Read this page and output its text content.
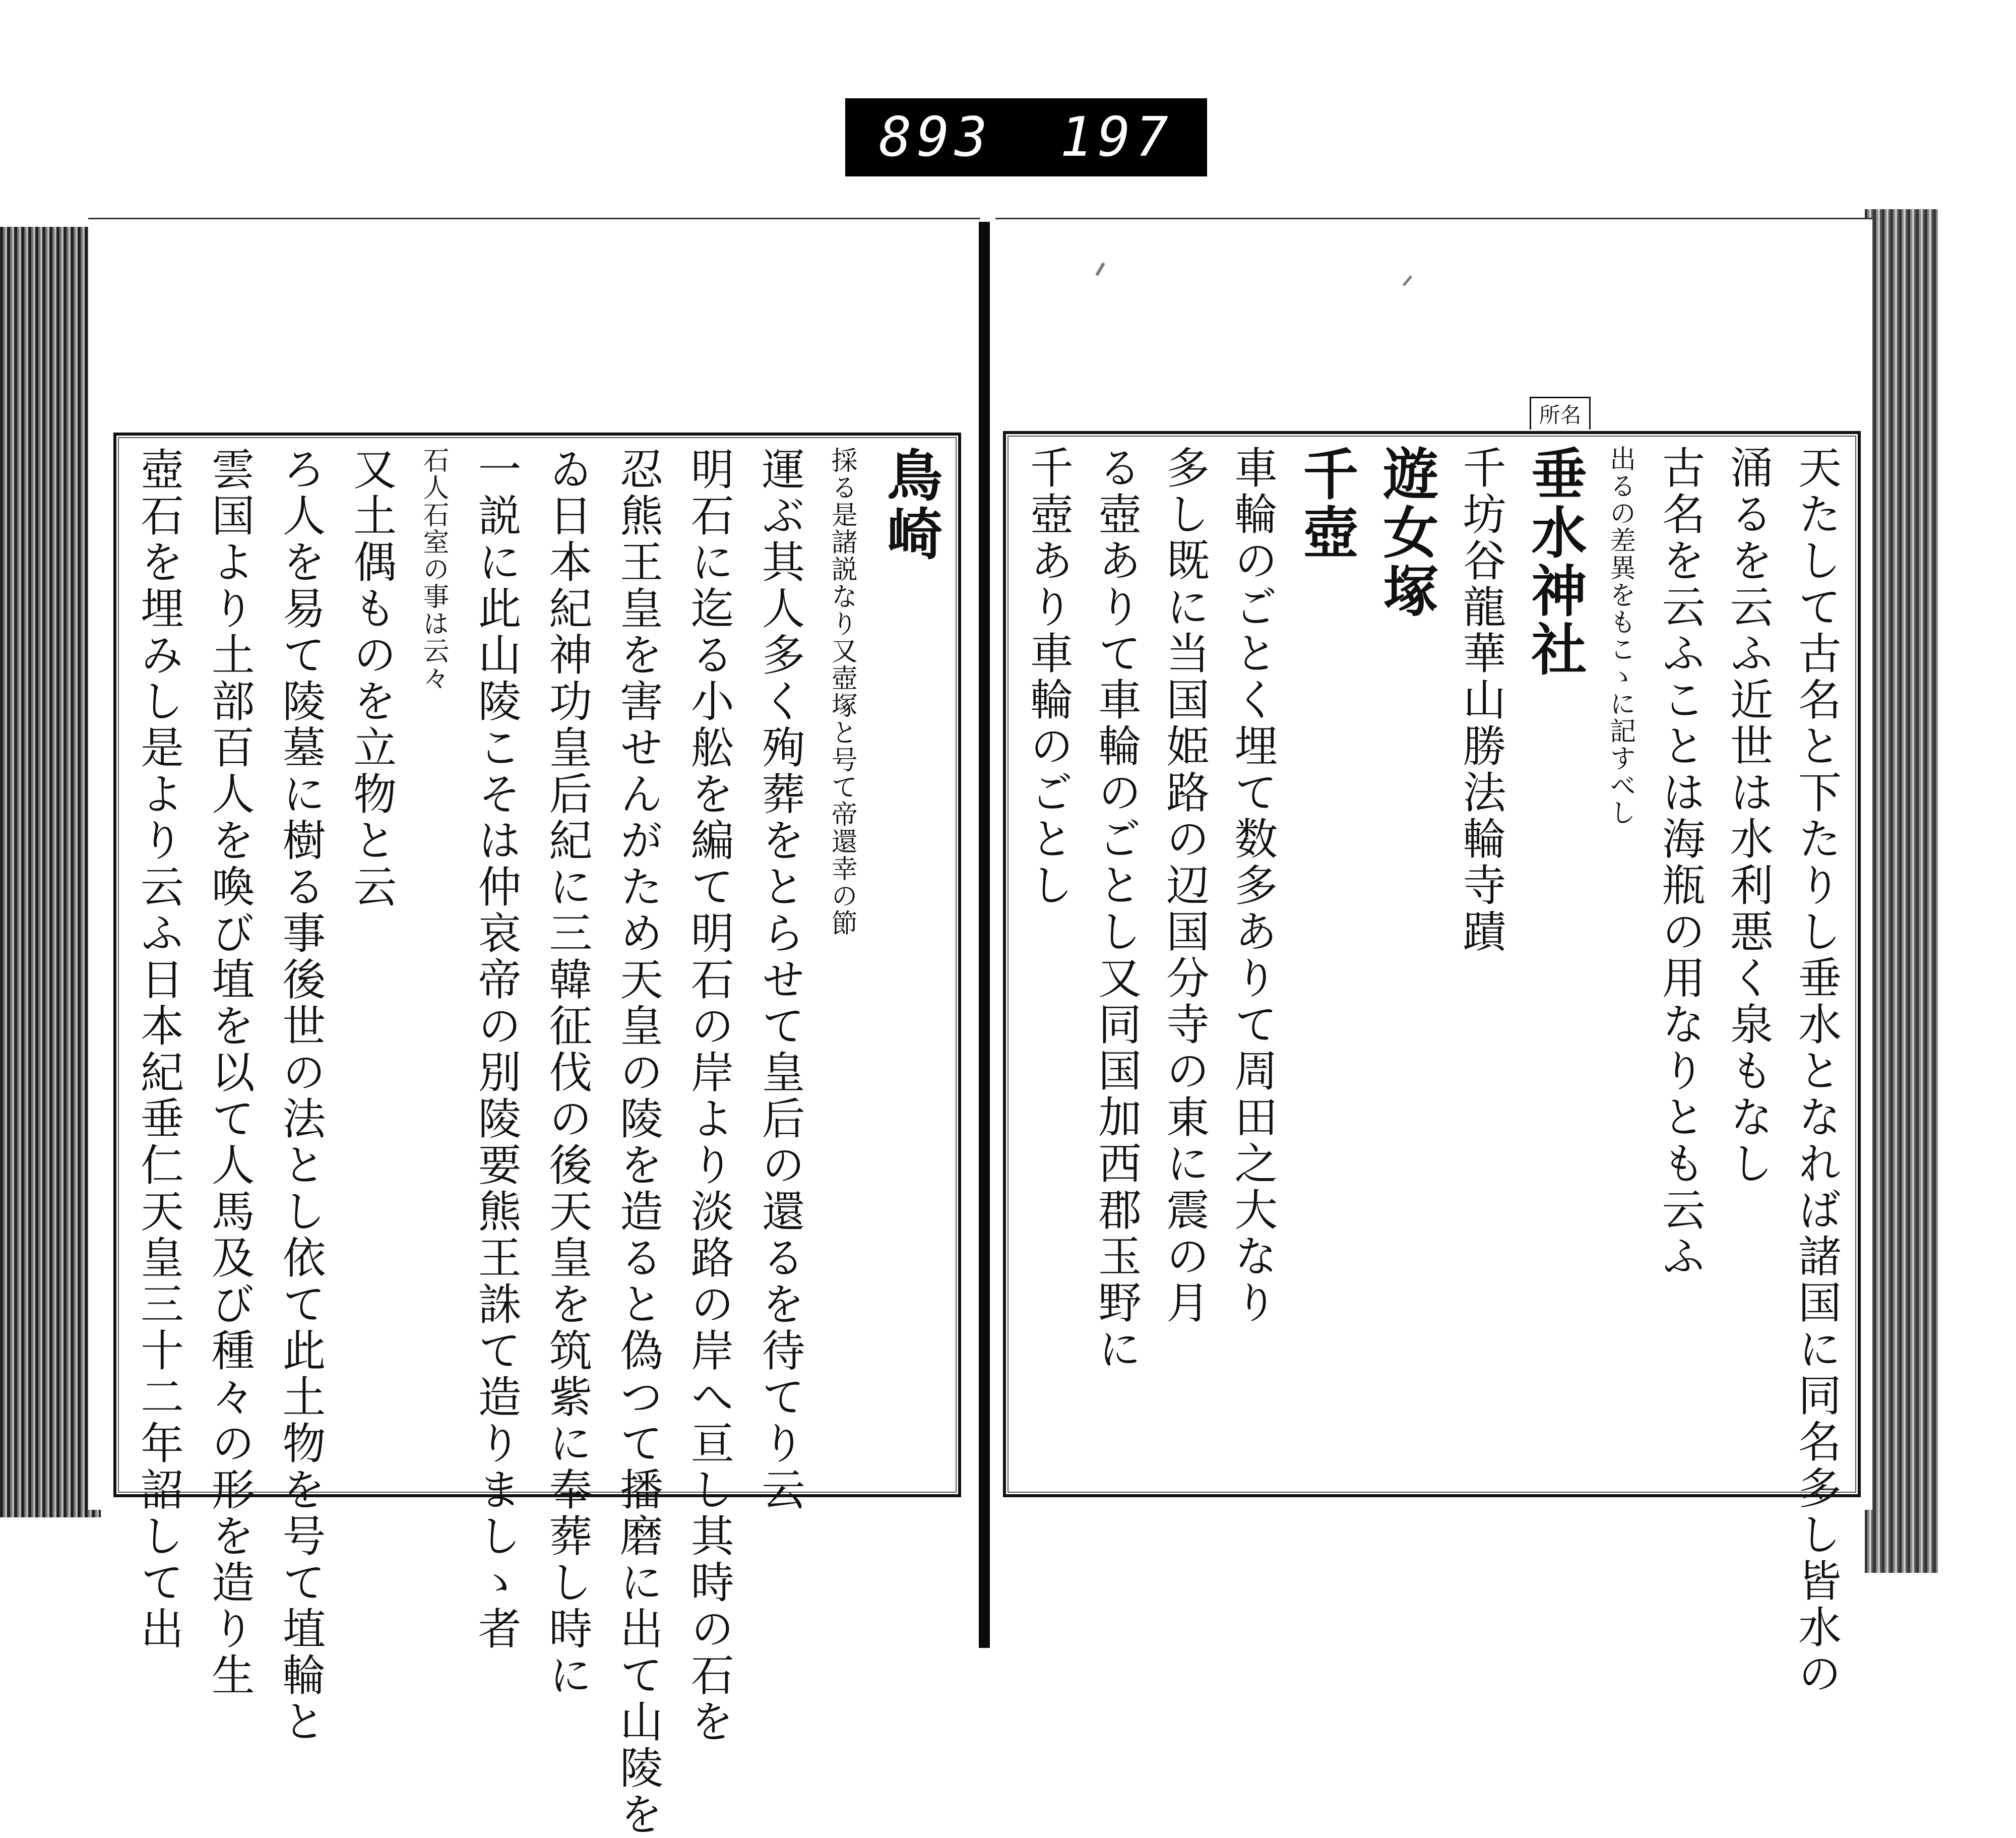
893 197
所名
天たして古名と下たりし垂水となれば諸国に同名多し皆水の
涌るを云ふ近世は水利悪く泉もなし
古名を云ふことは海瓶の用なりとも云ふ
出るの差異をもこゝに記すべし
垂水神社
千坊谷龍華山勝法輪寺蹟
遊女塚
千壺
車輪のごとく埋て数多ありて周田之大なり
多し既に当国姫路の辺国分寺の東に震の月
る壺ありて車輪のごとし又同国加西郡玉野に
千壺あり車輪のごとし
鳥崎
採る是諸説なり又壺塚と号て帝還幸の節
運ぶ其人多く殉葬をとらせて皇后の還るを待てり云
明石に迄る小舩を編て明石の岸より淡路の岸へ亘し其時の石を
忍熊王皇を害せんがため天皇の陵を造ると偽つて播磨に出て山陵を
ゐ日本紀神功皇后紀に三韓征伐の後天皇を筑紫に奉葬し時に
一説に此山陵こそは仲哀帝の別陵要熊王誅て造りましゝ者
石人石室の事は云々
又土偶ものを立物と云
ろ人を易て陵墓に樹る事後世の法とし依て此土物を号て埴輪と
雲国より土部百人を喚び埴を以て人馬及び種々の形を造り生
壺石を埋みし是より云ふ日本紀垂仁天皇三十二年詔して出
